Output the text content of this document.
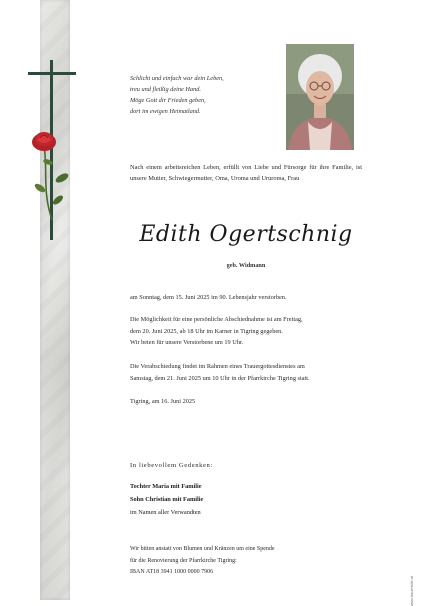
Schlicht und einfach war dein Leben,
treu und fleißig deine Hand.
Möge Gott dir Frieden geben,
dort im ewigen Heimatland.
Nach einem arbeitsreichen Leben, erfüllt von Liebe und Fürsorge für ihre Familie, ist unsere Mutter, Schwiegermutter, Oma, Uroma und Ururoma, Frau
Edith Ogertschnig
geb. Widmann
am Sonntag, dem 15. Juni 2025 im 90. Lebensjahr verstorben.
Die Möglichkeit für eine persönliche Abschiednahme ist am Freitag,
dem 20. Juni 2025, ab 18 Uhr im Karner in Tigring gegeben.
Wir beten für unsere Verstorbene um 19 Uhr.
Die Verabschiedung findet im Rahmen eines Trauergottesdienstes am
Samstag, dem 21. Juni 2025 um 10 Uhr in der Pfarrkirche Tigring statt.
Tigring, am 16. Juni 2025
In liebevollem Gedenken:
Tochter Maria mit Familie
Sohn Christian mit Familie
im Namen aller Verwandten
Wir bitten anstatt von Blumen und Kränzen um eine Spende
für die Renovierung der Pfarrkirche Tigring:
IBAN AT18 3941 1000 0000 7906
www.trauerhilfe.at
